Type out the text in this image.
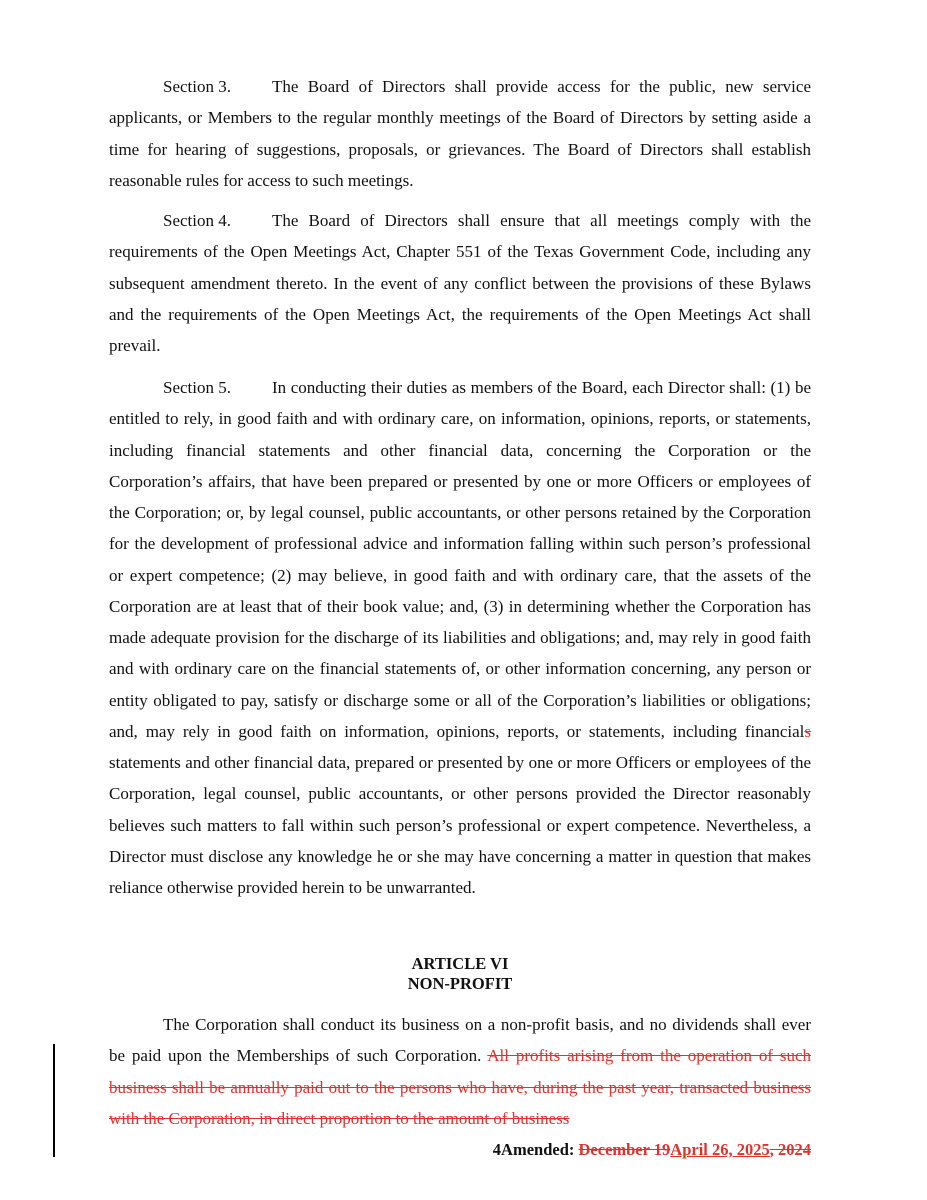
Section 3. The Board of Directors shall provide access for the public, new service applicants, or Members to the regular monthly meetings of the Board of Directors by setting aside a time for hearing of suggestions, proposals, or grievances. The Board of Directors shall establish reasonable rules for access to such meetings.
Section 4. The Board of Directors shall ensure that all meetings comply with the requirements of the Open Meetings Act, Chapter 551 of the Texas Government Code, including any subsequent amendment thereto. In the event of any conflict between the provisions of these Bylaws and the requirements of the Open Meetings Act, the requirements of the Open Meetings Act shall prevail.
Section 5. In conducting their duties as members of the Board, each Director shall: (1) be entitled to rely, in good faith and with ordinary care, on information, opinions, reports, or statements, including financial statements and other financial data, concerning the Corporation or the Corporation’s affairs, that have been prepared or presented by one or more Officers or employees of the Corporation; or, by legal counsel, public accountants, or other persons retained by the Corporation for the development of professional advice and information falling within such person’s professional or expert competence; (2) may believe, in good faith and with ordinary care, that the assets of the Corporation are at least that of their book value; and, (3) in determining whether the Corporation has made adequate provision for the discharge of its liabilities and obligations; and, may rely in good faith and with ordinary care on the financial statements of, or other information concerning, any person or entity obligated to pay, satisfy or discharge some or all of the Corporation’s liabilities or obligations; and, may rely in good faith on information, opinions, reports, or statements, including financials statements and other financial data, prepared or presented by one or more Officers or employees of the Corporation, legal counsel, public accountants, or other persons provided the Director reasonably believes such matters to fall within such person’s professional or expert competence. Nevertheless, a Director must disclose any knowledge he or she may have concerning a matter in question that makes reliance otherwise provided herein to be unwarranted.
ARTICLE VI
NON-PROFIT
The Corporation shall conduct its business on a non-profit basis, and no dividends shall ever be paid upon the Memberships of such Corporation. All profits arising from the operation of such business shall be annually paid out to the persons who have, during the past year, transacted business with the Corporation, in direct proportion to the amount of business
4Amended: December 19April 26, 2025, 2024
